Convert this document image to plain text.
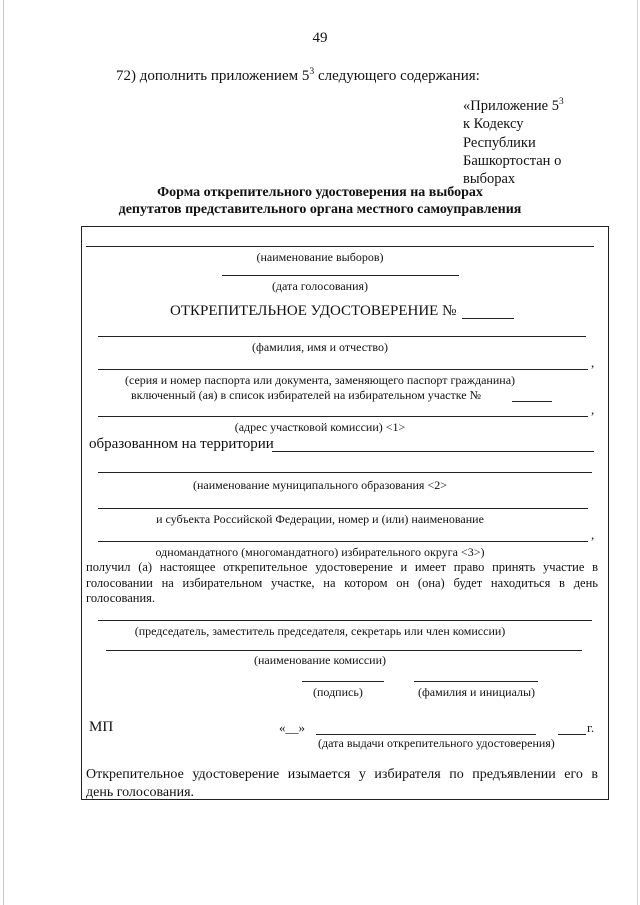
49
72) дополнить приложением $5^3$ следующего содержания:
«Приложение $5^3$
к Кодексу
Республики
Башкортостан о
выборах
Форма открепительного удостоверения на выборах
депутатов представительного органа местного самоуправления
(наименование выборов)
(дата голосования)
ОТКРЕПИТЕЛЬНОЕ УДОСТОВЕРЕНИЕ №
(фамилия, имя и отчество)
,
(серия и номер паспорта или документа, заменяющего паспорт гражданина)
включенный (ая) в список избирателей на избирательном участке №
,
(адрес участковой комиссии) <1>
образованном на территории
(наименование муниципального образования <2>
и субъекта Российской Федерации, номер и (или) наименование
,
одномандатного (многомандатного) избирательного округа <3>)
получил (а) настоящее открепительное удостоверение и имеет право принять участие в
голосовании на избирательном участке, на котором он (она) будет находиться в день
голосования.
(председатель, заместитель председателя, секретарь или член комиссии)
(наименование комиссии)
(подпись)	(фамилия и инициалы)
МП	«__»	г.
(дата выдачи открепительного удостоверения)
Открепительное удостоверение изымается у избирателя по предъявлении его в
день голосования.
